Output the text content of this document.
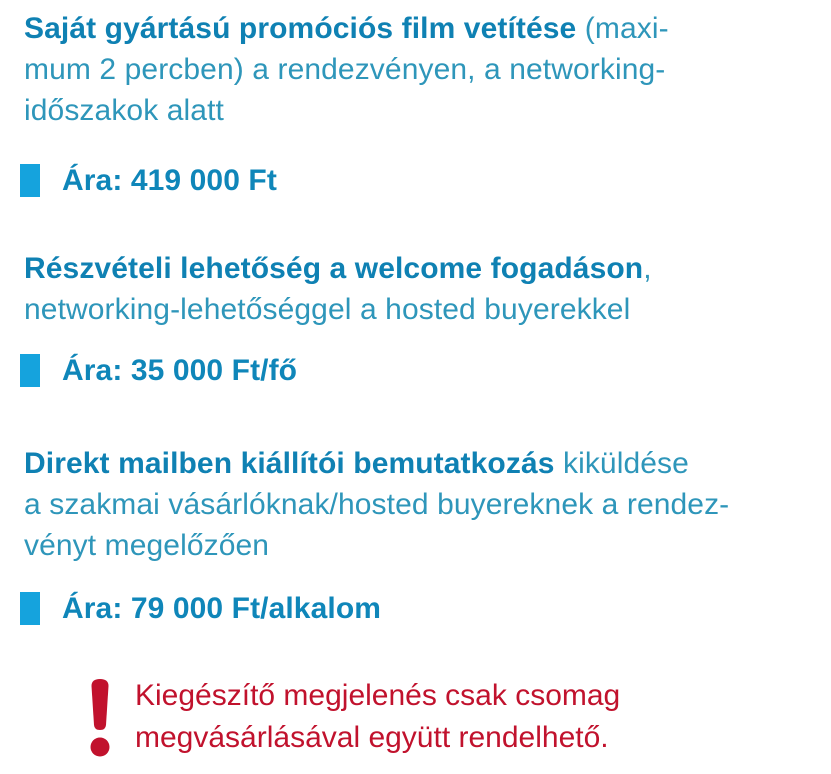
Saját gyártású promóciós film vetítése (maxi-
mum 2 percben) a rendezvényen, a networking-
időszakok alatt

Ára: 419 000 Ft

Részvételi lehetőség a welcome fogadáson,
networking-lehetőséggel a hosted buyerekkel

Ára: 35 000 Ft/fő

Direkt mailben kiállítói bemutatkozás kiküldése
a szakmai vásárlóknak/hosted buyereknek a rendez-
vényt megelőzően

Ára: 79 000 Ft/alkalom
Kiegészítő megjelenés csak csomag
megvásárlásával együtt rendelhető.
